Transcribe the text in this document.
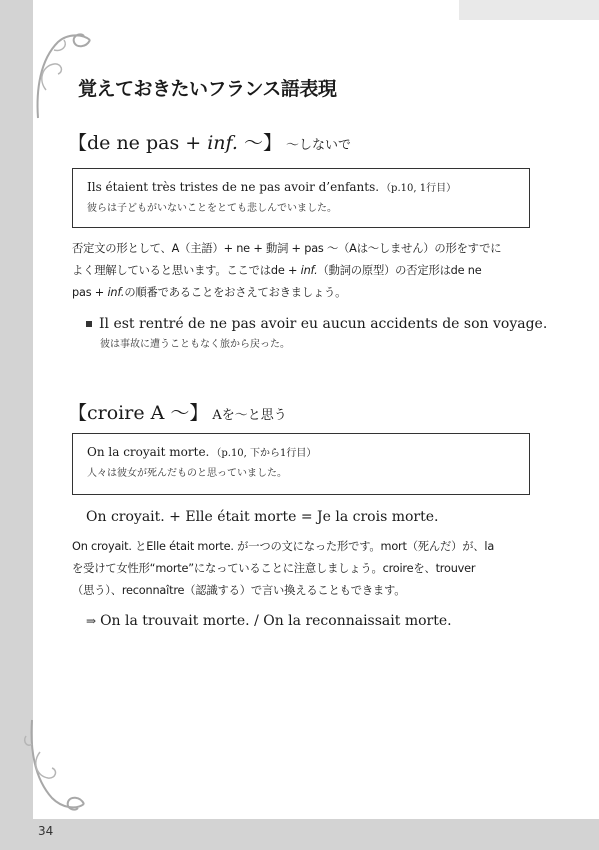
覚えておきたいフランス語表現
【de ne pas + inf. ～】 ～しないで
Ils étaient très tristes de ne pas avoir d’enfants. （p.10, 1行目）
彼らは子どもがいないことをとても悲しんでいました。
否定文の形として、A（主語）+ ne + 動詞 + pas ～（Aは～しません）の形をすでに
よく理解していると思います。ここではde + inf.（動詞の原型）の否定形はde ne
pas + inf.の順番であることをおさえておきましょう。
Il est rentré de ne pas avoir eu aucun accidents de son voyage.
彼は事故に遭うこともなく旅から戻った。
【croire A ～】 Aを～と思う
On la croyait morte. （p.10, 下から1行目）
人々は彼女が死んだものと思っていました。
On croyait. + Elle était morte = Je la crois morte.
On croyait. とElle était morte. が一つの文になった形です。mort（死んだ）が、la
を受けて女性形“morte”になっていることに注意しましょう。croireを、trouver
（思う）、reconnaître（認識する）で言い換えることもできます。
⇒ On la trouvait morte. / On la reconnaissait morte.
34
